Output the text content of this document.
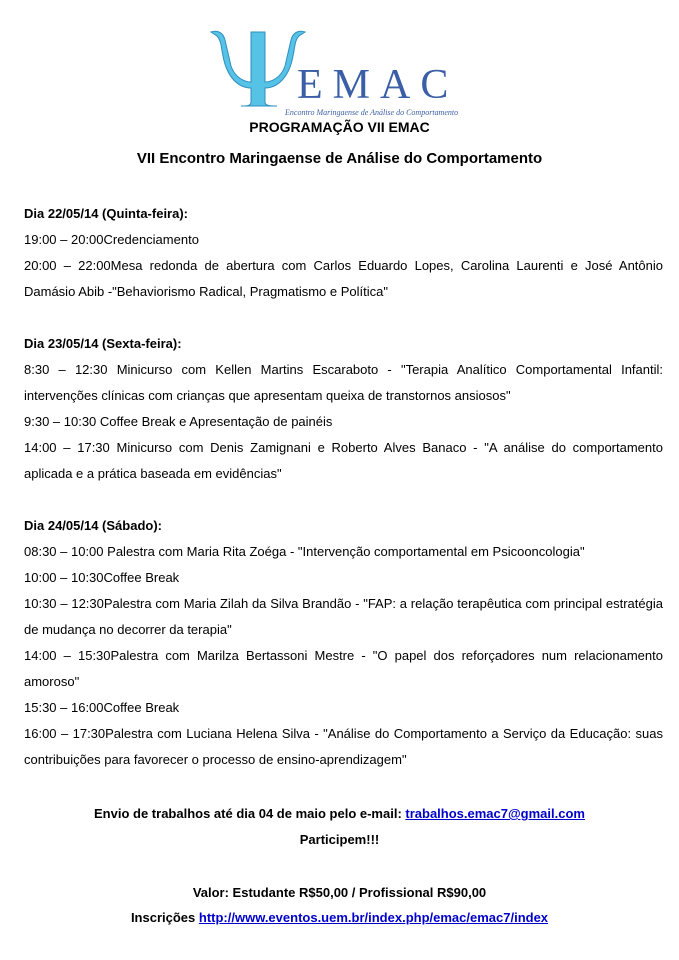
EMAC
Encontro Maringaense de Análise do Comportamento
PROGRAMAÇÃO VII EMAC
VII Encontro Maringaense de Análise do Comportamento
Dia 22/05/14 (Quinta-feira):

19:00 – 20:00Credenciamento

20:00 – 22:00Mesa redonda de abertura com Carlos Eduardo Lopes, Carolina Laurenti e José Antônio Damásio Abib -"Behaviorismo Radical, Pragmatismo e Política"

Dia 23/05/14 (Sexta-feira):

8:30 – 12:30 Minicurso com Kellen Martins Escaraboto - "Terapia Analítico Comportamental Infantil: intervenções clínicas com crianças que apresentam queixa de transtornos ansiosos"

9:30 – 10:30 Coffee Break e Apresentação de painéis

14:00 – 17:30 Minicurso com Denis Zamignani e Roberto Alves Banaco - "A análise do comportamento aplicada e a prática baseada em evidências"

Dia 24/05/14 (Sábado):

08:30 – 10:00 Palestra com Maria Rita Zoéga - "Intervenção comportamental em Psicooncologia"

10:00 – 10:30Coffee Break

10:30 – 12:30Palestra com Maria Zilah da Silva Brandão - "FAP: a relação terapêutica com principal estratégia de mudança no decorrer da terapia"

14:00 – 15:30Palestra com Marilza Bertassoni Mestre - "O papel dos reforçadores num relacionamento amoroso"

15:30 – 16:00Coffee Break

16:00 – 17:30Palestra com Luciana Helena Silva - "Análise do Comportamento a Serviço da Educação: suas contribuições para favorecer o processo de ensino-aprendizagem"

Envio de trabalhos até dia 04 de maio pelo e-mail: trabalhos.emac7@gmail.com
Participem!!!
Valor: Estudante R$50,00 / Profissional R$90,00
Inscrições http://www.eventos.uem.br/index.php/emac/emac7/index
